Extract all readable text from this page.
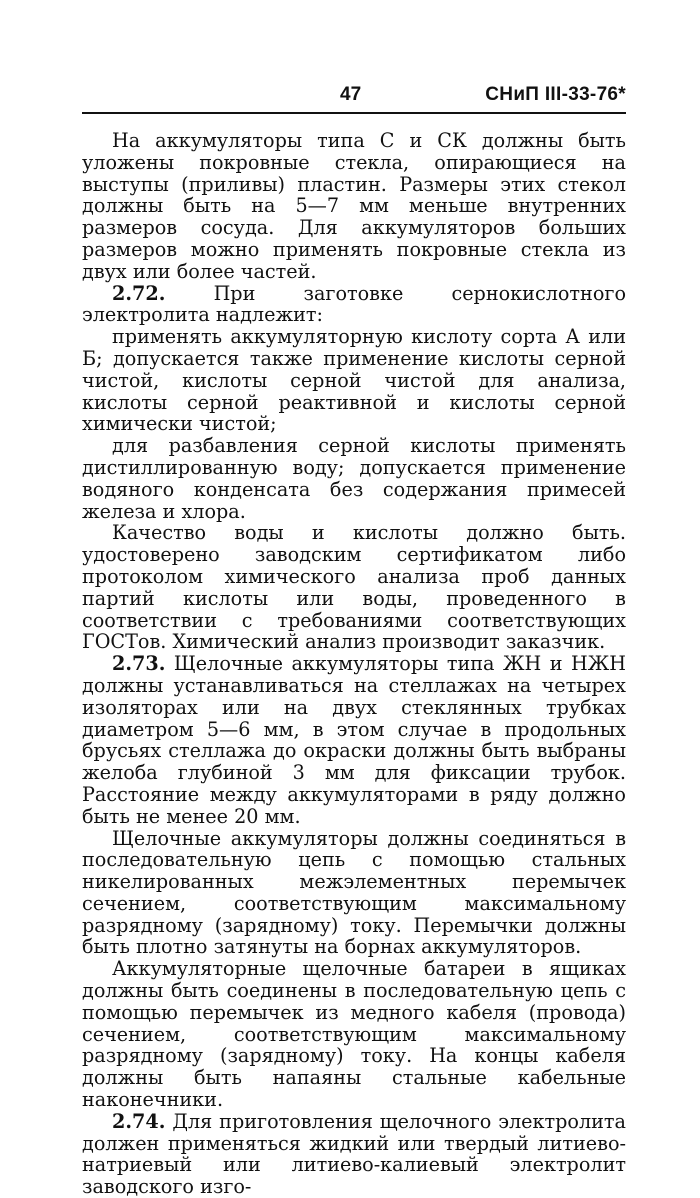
47	СНиП III-33-76*

На аккумуляторы типа С и СК должны быть уложены покровные стекла, опирающиеся на выступы (приливы) пластин. Размеры этих стекол должны быть на 5—7 мм меньше внутренних размеров сосуда. Для аккумуляторов больших размеров можно применять покровные стекла из двух или более частей.

2.72.	При заготовке сернокислотного электролита надлежит:

применять аккумуляторную кислоту сорта А или Б; допускается также применение кислоты серной чистой, кислоты серной чистой для анализа, кислоты серной реактивной и кислоты серной химически чистой;

для разбавления серной кислоты применять дистиллированную воду; допускается применение водяного конденсата без содержания примесей железа и хлора.

Качество воды и кислоты должно быть. удостоверено заводским сертификатом либо протоколом химического анализа проб данных партий кислоты или воды, проведенного в соответствии с требованиями соответствующих ГОСТов. Химический анализ производит заказчик.

2.73. Щелочные аккумуляторы типа ЖН и НЖН должны устанавливаться на стеллажах на четырех изоляторах или на двух стеклянных трубках диаметром 5—6 мм, в этом случае в продольных брусьях стеллажа до окраски должны быть выбраны желоба глубиной 3 мм для фиксации трубок. Расстояние между аккумуляторами в ряду должно быть не менее 20 мм.

Щелочные аккумуляторы должны соединяться в последовательную цепь с помощью стальных никелированных межэлементных перемычек сечением, соответствующим максимальному разрядному (зарядному) току. Перемычки должны быть плотно затянуты на борнах аккумуляторов.

Аккумуляторные щелочные батареи в ящиках должны быть соединены в последовательную цепь с помощью перемычек из медного кабеля (провода) сечением, соответствующим максимальному разрядному (зарядному) току. На концы кабеля должны быть напаяны стальные кабельные наконечники.

2.74. Для приготовления щелочного электролита должен применяться жидкий или твердый литиево-натриевый или литиево-калиевый электролит заводского изго-
